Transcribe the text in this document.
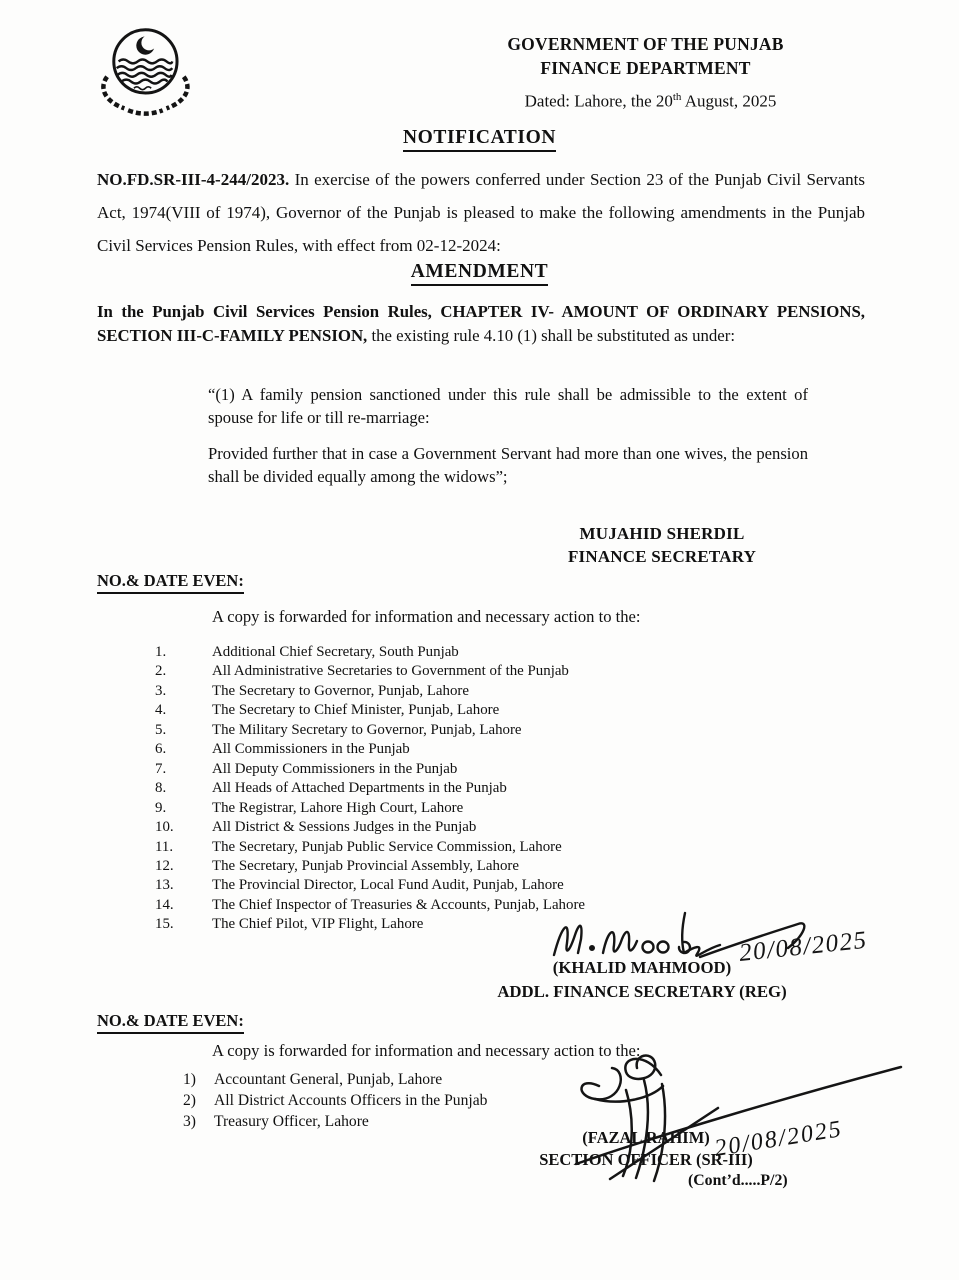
GOVERNMENT OF THE PUNJAB
FINANCE DEPARTMENT
Dated: Lahore, the 20th August, 2025
NOTIFICATION
NO.FD.SR-III-4-244/2023. In exercise of the powers conferred under Section 23 of the Punjab Civil Servants Act, 1974(VIII of 1974), Governor of the Punjab is pleased to make the following amendments in the Punjab Civil Services Pension Rules, with effect from 02-12-2024:
AMENDMENT
In the Punjab Civil Services Pension Rules, CHAPTER IV- AMOUNT OF ORDINARY PENSIONS, SECTION III-C-FAMILY PENSION, the existing rule 4.10 (1) shall be substituted as under:

“(1) A family pension sanctioned under this rule shall be admissible to the extent of spouse for life or till re-marriage:

Provided further that in case a Government Servant had more than one wives, the pension shall be divided equally among the widows”;

MUJAHID SHERDIL
FINANCE SECRETARY
NO.& DATE EVEN:
A copy is forwarded for information and necessary action to the:
1.	Additional Chief Secretary, South Punjab
2.	All Administrative Secretaries to Government of the Punjab
3.	The Secretary to Governor, Punjab, Lahore
4.	The Secretary to Chief Minister, Punjab, Lahore
5.	The Military Secretary to Governor, Punjab, Lahore
6.	All Commissioners in the Punjab
7.	All Deputy Commissioners in the Punjab
8.	All Heads of Attached Departments in the Punjab
9.	The Registrar, Lahore High Court, Lahore
10.	All District & Sessions Judges in the Punjab
11.	The Secretary, Punjab Public Service Commission, Lahore
12.	The Secretary, Punjab Provincial Assembly, Lahore
13.	The Provincial Director, Local Fund Audit, Punjab, Lahore
14.	The Chief Inspector of Treasuries & Accounts, Punjab, Lahore
15.	The Chief Pilot, VIP Flight, Lahore
20/08/2025
(KHALID MAHMOOD)
ADDL. FINANCE SECRETARY (REG)
NO.& DATE EVEN:
A copy is forwarded for information and necessary action to the:
1) Accountant General, Punjab, Lahore
2) All District Accounts Officers in the Punjab
3) Treasury Officer, Lahore
(FAZAL RAHIM)
SECTION OFFICER (SR-III)
20/08/2025
(Cont’d.....P/2)
